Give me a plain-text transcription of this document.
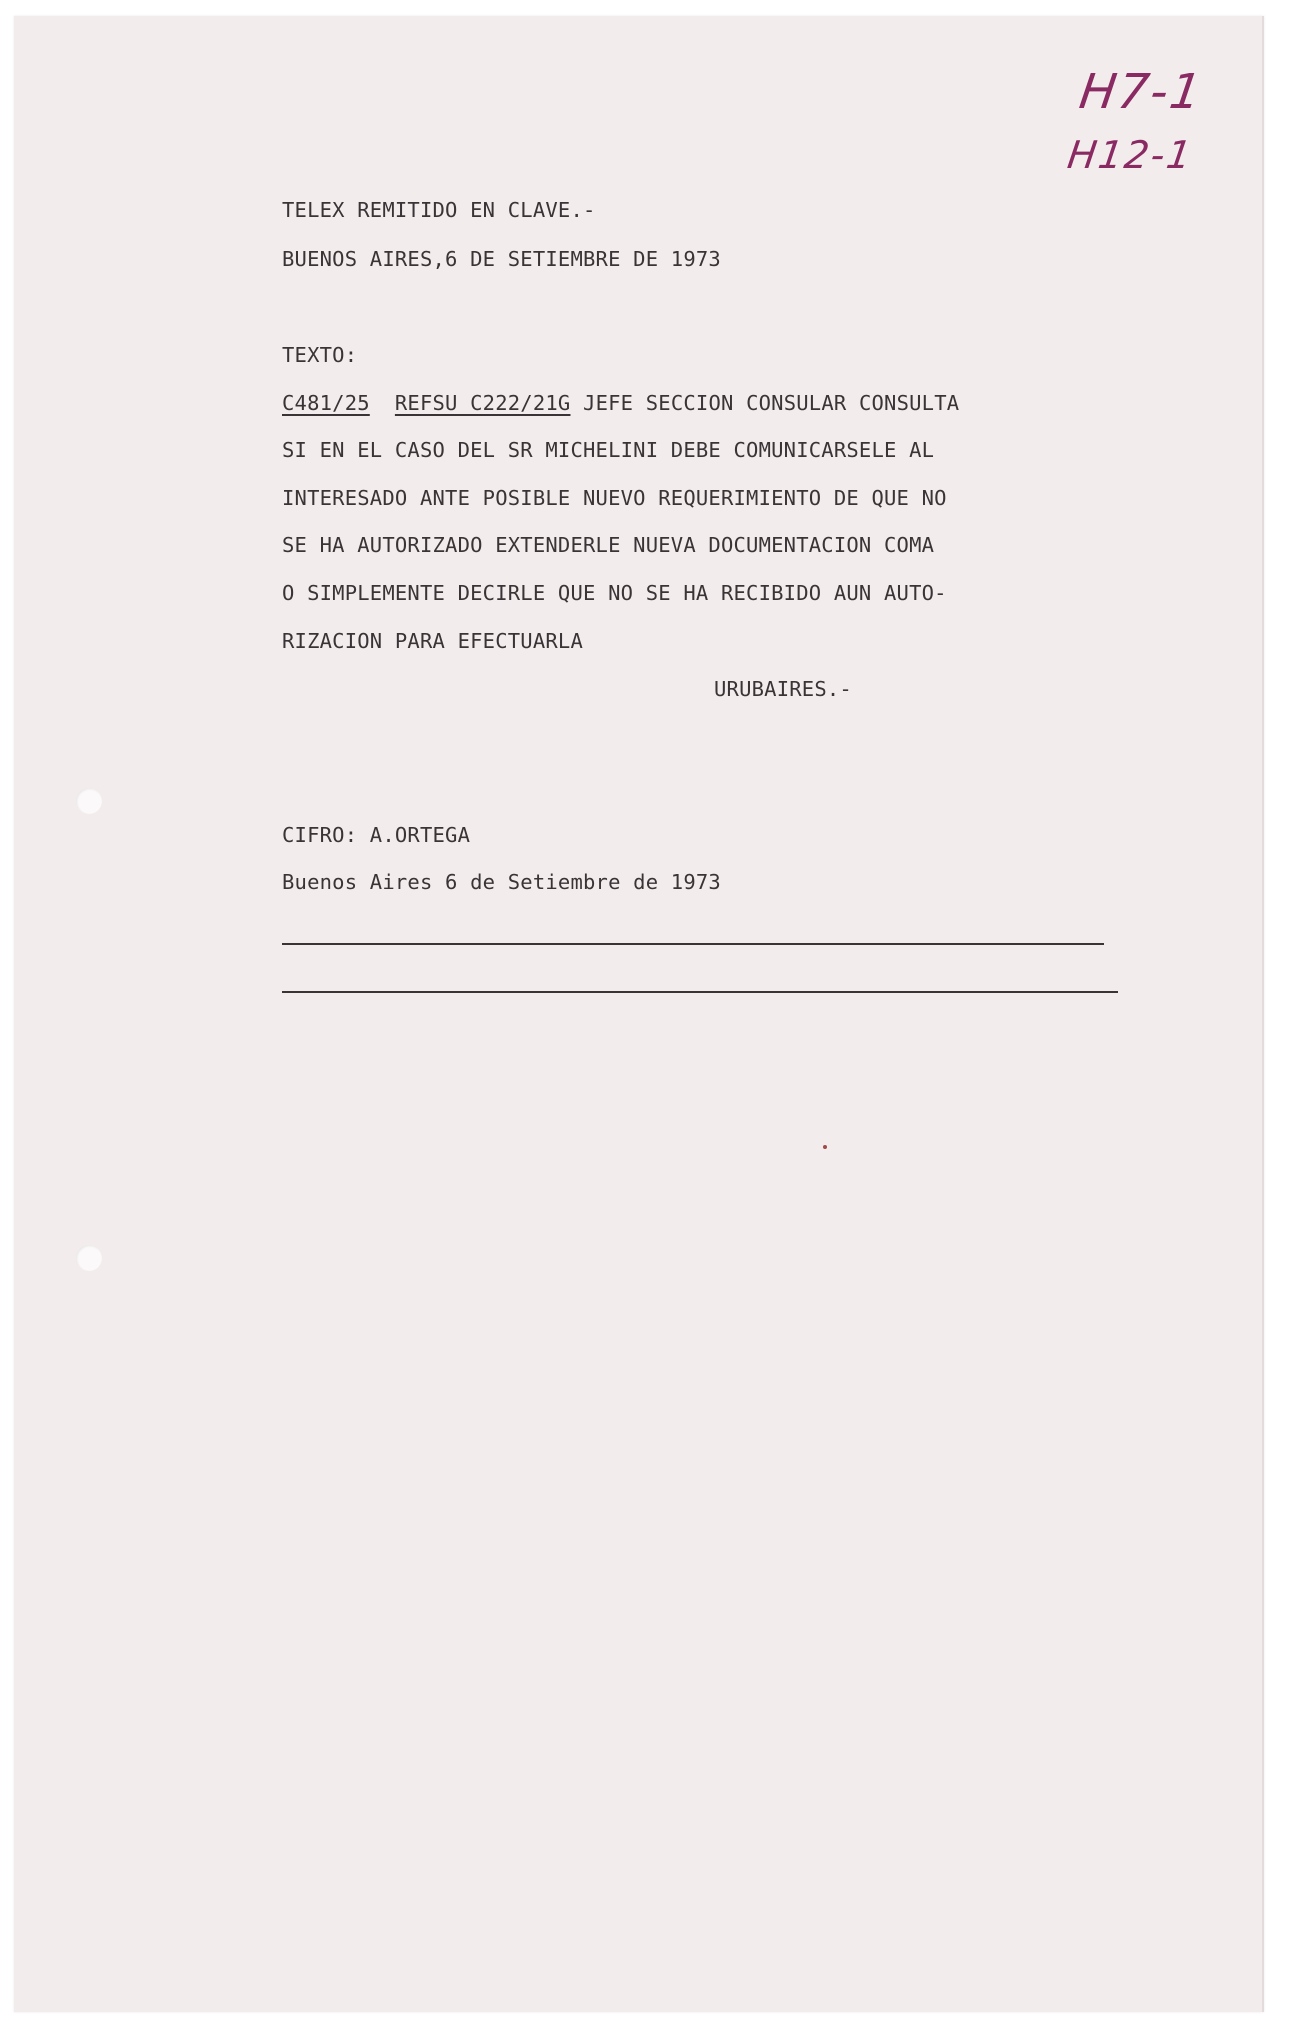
H7-1
H12-1
TELEX REMITIDO EN CLAVE.-
BUENOS AIRES,6 DE SETIEMBRE DE 1973
TEXTO:
C481/25 REFSU C222/21G JEFE SECCION CONSULAR CONSULTA
SI EN EL CASO DEL SR MICHELINI DEBE COMUNICARSELE AL
INTERESADO ANTE POSIBLE NUEVO REQUERIMIENTO DE QUE NO
SE HA AUTORIZADO EXTENDERLE NUEVA DOCUMENTACION COMA
O SIMPLEMENTE DECIRLE QUE NO SE HA RECIBIDO AUN AUTO-
RIZACION PARA EFECTUARLA
URUBAIRES.-
CIFRO: A.ORTEGA
Buenos Aires 6 de Setiembre de 1973
